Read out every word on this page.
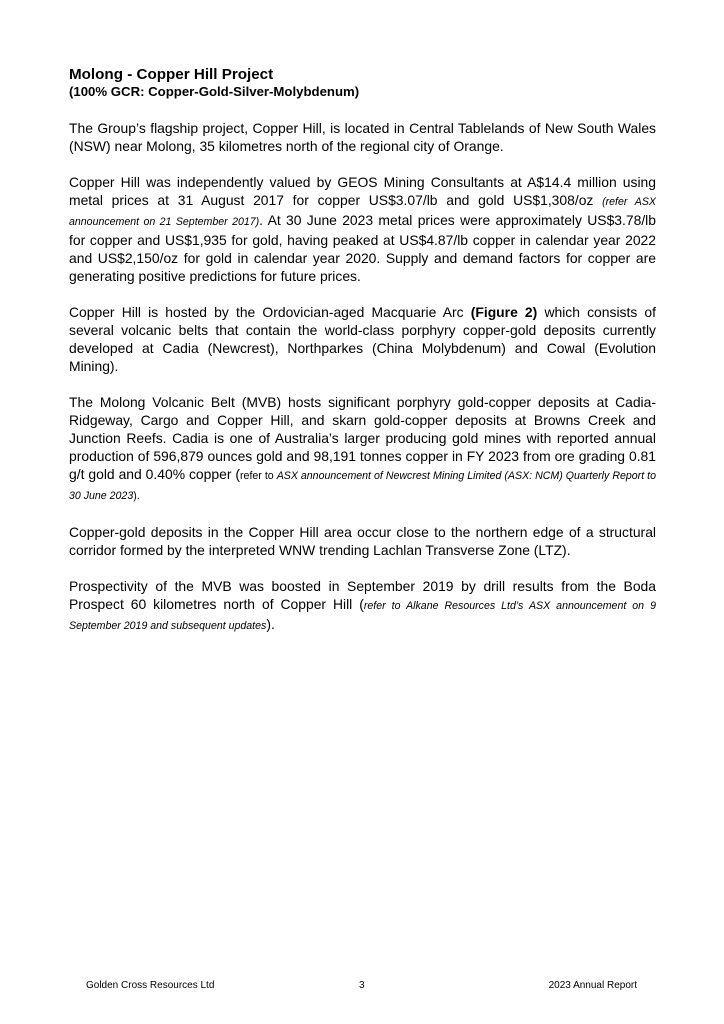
Molong - Copper Hill Project

(100% GCR: Copper-Gold-Silver-Molybdenum)

The Group’s flagship project, Copper Hill, is located in Central Tablelands of New South Wales (NSW) near Molong, 35 kilometres north of the regional city of Orange.

Copper Hill was independently valued by GEOS Mining Consultants at A$14.4 million using metal prices at 31 August 2017 for copper US$3.07/lb and gold US$1,308/oz (refer ASX announcement on 21 September 2017). At 30 June 2023 metal prices were approximately US$3.78/lb for copper and US$1,935 for gold, having peaked at US$4.87/lb copper in calendar year 2022 and US$2,150/oz for gold in calendar year 2020. Supply and demand factors for copper are generating positive predictions for future prices.

Copper Hill is hosted by the Ordovician-aged Macquarie Arc (Figure 2) which consists of several volcanic belts that contain the world-class porphyry copper-gold deposits currently developed at Cadia (Newcrest), Northparkes (China Molybdenum) and Cowal (Evolution Mining).

The Molong Volcanic Belt (MVB) hosts significant porphyry gold-copper deposits at Cadia-Ridgeway, Cargo and Copper Hill, and skarn gold-copper deposits at Browns Creek and Junction Reefs. Cadia is one of Australia’s larger producing gold mines with reported annual production of 596,879 ounces gold and 98,191 tonnes copper in FY 2023 from ore grading 0.81 g/t gold and 0.40% copper (refer to ASX announcement of Newcrest Mining Limited (ASX: NCM) Quarterly Report to 30 June 2023).

Copper-gold deposits in the Copper Hill area occur close to the northern edge of a structural corridor formed by the interpreted WNW trending Lachlan Transverse Zone (LTZ).

Prospectivity of the MVB was boosted in September 2019 by drill results from the Boda Prospect 60 kilometres north of Copper Hill (refer to Alkane Resources Ltd’s ASX announcement on 9 September 2019 and subsequent updates).

Golden Cross Resources Ltd	3	2023 Annual Report
